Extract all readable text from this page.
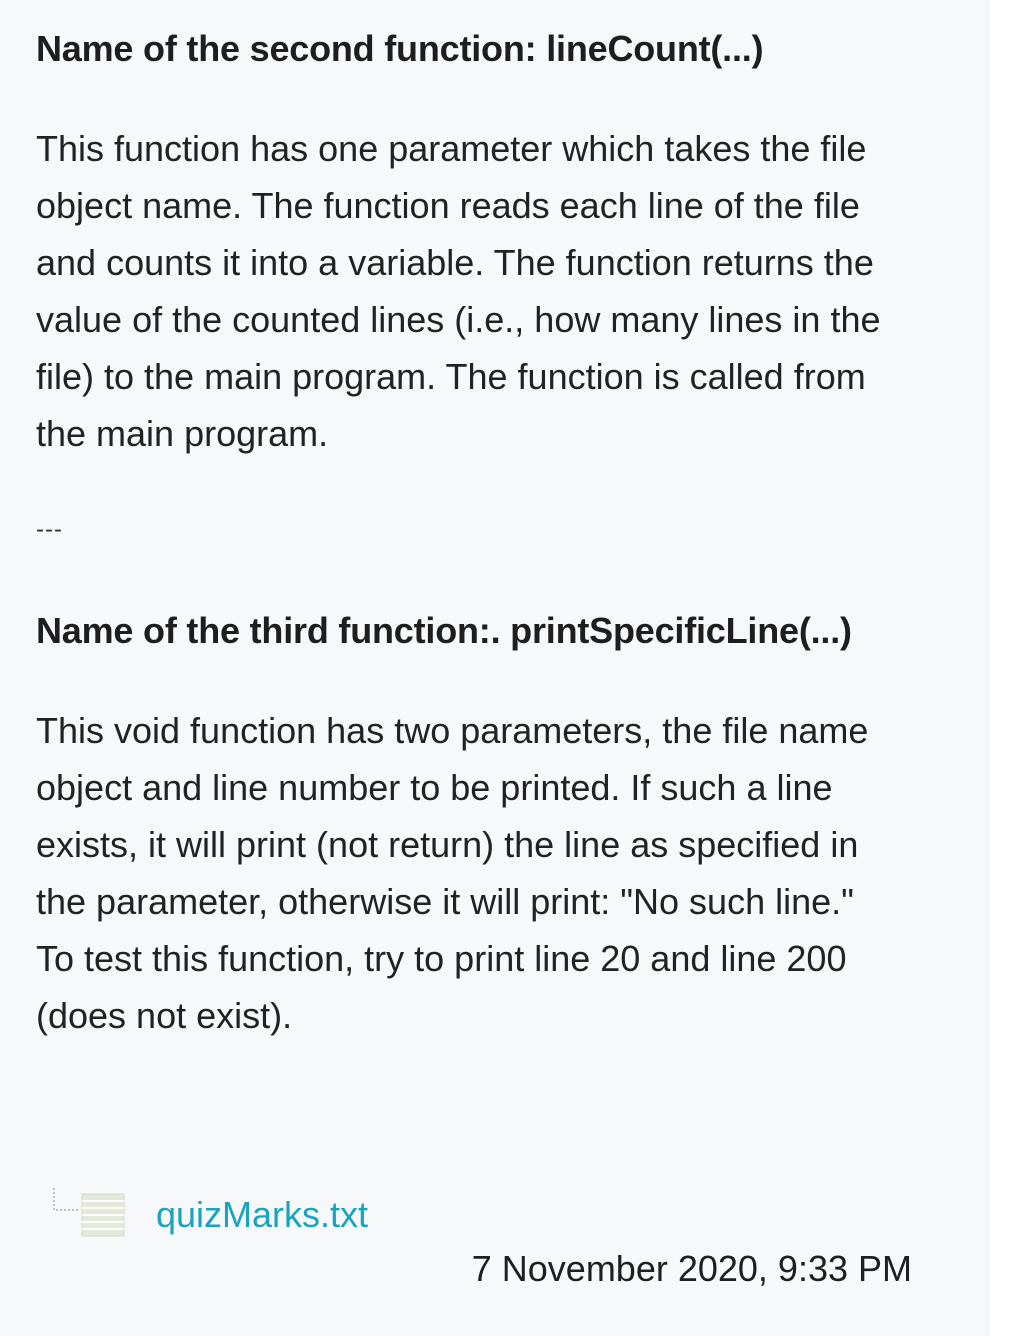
Name of the second function: lineCount(...)
This function has one parameter which takes the file
object name. The function reads each line of the file
and counts it into a variable. The function returns the
value of the counted lines (i.e., how many lines in the
file) to the main program. The function is called from
the main program.
---
Name of the third function:. printSpecificLine(...)
This void function has two parameters, the file name
object and line number to be printed. If such a line
exists, it will print (not return) the line as specified in
the parameter, otherwise it will print: "No such line."
To test this function, try to print line 20 and line 200
(does not exist).
quizMarks.txt
7 November 2020, 9:33 PM
